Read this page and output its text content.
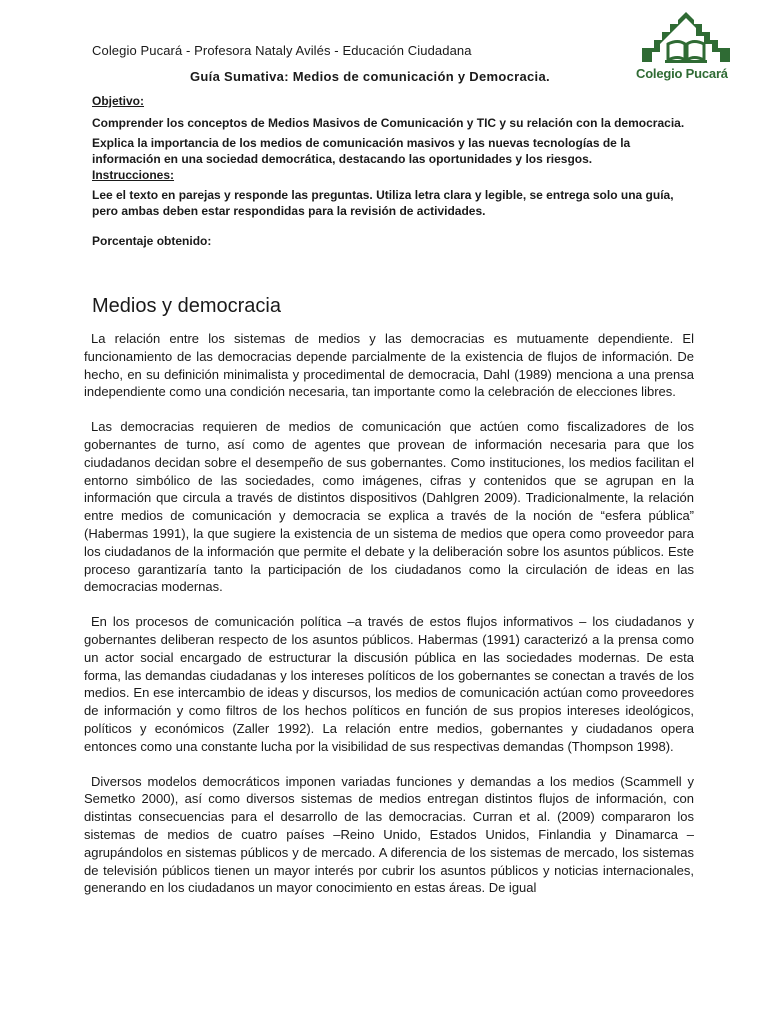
Colegio Pucará - Profesora Nataly Avilés - Educación Ciudadana
Guía Sumativa: Medios de comunicación y Democracia.	Colegio Pucará

Objetivo:

Comprender los conceptos de Medios Masivos de Comunicación y TIC y su relación con la democracia.

Explica la importancia de los medios de comunicación masivos y las nuevas tecnologías de la información en una sociedad democrática, destacando las oportunidades y los riesgos.

Instrucciones:

Lee el texto en parejas y responde las preguntas. Utiliza letra clara y legible, se entrega solo una guía, pero ambas deben estar respondidas para la revisión de actividades.

Porcentaje obtenido:

Medios y democracia

La relación entre los sistemas de medios y las democracias es mutuamente dependiente. El funcionamiento de las democracias depende parcialmente de la existencia de flujos de información. De hecho, en su definición minimalista y procedimental de democracia, Dahl (1989) menciona a una prensa independiente como una condición necesaria, tan importante como la celebración de elecciones libres.

Las democracias requieren de medios de comunicación que actúen como fiscalizadores de los gobernantes de turno, así como de agentes que provean de información necesaria para que los ciudadanos decidan sobre el desempeño de sus gobernantes. Como instituciones, los medios facilitan el entorno simbólico de las sociedades, como imágenes, cifras y contenidos que se agrupan en la información que circula a través de distintos dispositivos (Dahlgren 2009). Tradicionalmente, la relación entre medios de comunicación y democracia se explica a través de la noción de “esfera pública” (Habermas 1991), la que sugiere la existencia de un sistema de medios que opera como proveedor para los ciudadanos de la información que permite el debate y la deliberación sobre los asuntos públicos. Este proceso garantizaría tanto la participación de los ciudadanos como la circulación de ideas en las democracias modernas.

En los procesos de comunicación política –a través de estos flujos informativos – los ciudadanos y gobernantes deliberan respecto de los asuntos públicos. Habermas (1991) caracterizó a la prensa como un actor social encargado de estructurar la discusión pública en las sociedades modernas. De esta forma, las demandas ciudadanas y los intereses políticos de los gobernantes se conectan a través de los medios. En ese intercambio de ideas y discursos, los medios de comunicación actúan como proveedores de información y como filtros de los hechos políticos en función de sus propios intereses ideológicos, políticos y económicos (Zaller 1992). La relación entre medios, gobernantes y ciudadanos opera entonces como una constante lucha por la visibilidad de sus respectivas demandas (Thompson 1998).

Diversos modelos democráticos imponen variadas funciones y demandas a los medios (Scammell y Semetko 2000), así como diversos sistemas de medios entregan distintos flujos de información, con distintas consecuencias para el desarrollo de las democracias. Curran et al. (2009) compararon los sistemas de medios de cuatro países –Reino Unido, Estados Unidos, Finlandia y Dinamarca – agrupándolos en sistemas públicos y de mercado. A diferencia de los sistemas de mercado, los sistemas de televisión públicos tienen un mayor interés por cubrir los asuntos públicos y noticias internacionales, generando en los ciudadanos un mayor conocimiento en estas áreas. De igual
